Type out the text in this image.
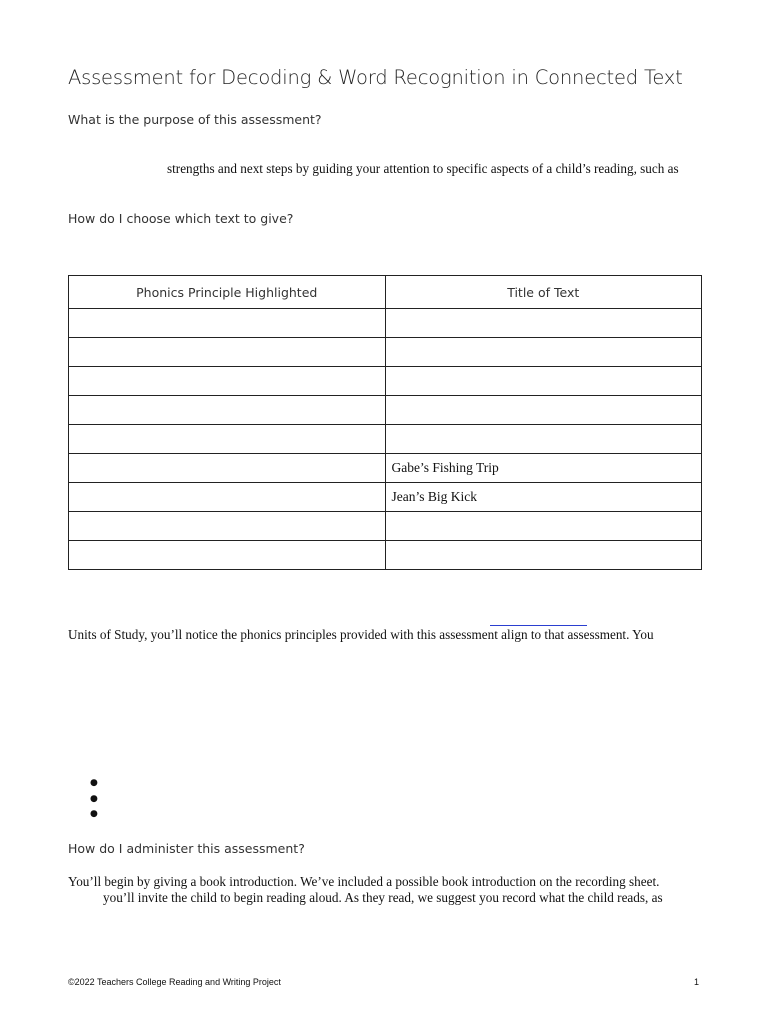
Assessment for Decoding & Word Recognition in Connected Text
What is the purpose of this assessment?
strengths and next steps by guiding your attention to specific aspects of a child’s reading, such as
How do I choose which text to give?
Phonics Principle Highlighted	Title of Text

	Gabe’s Fishing Trip
	Jean’s Big Kick

Units of Study, you’ll notice the phonics principles provided with this assessment align to that assessment. You
●
●
●
How do I administer this assessment?
You’ll begin by giving a book introduction. We’ve included a possible book introduction on the recording sheet.
you’ll invite the child to begin reading aloud. As they read, we suggest you record what the child reads, as
©2022 Teachers College Reading and Writing Project	1
